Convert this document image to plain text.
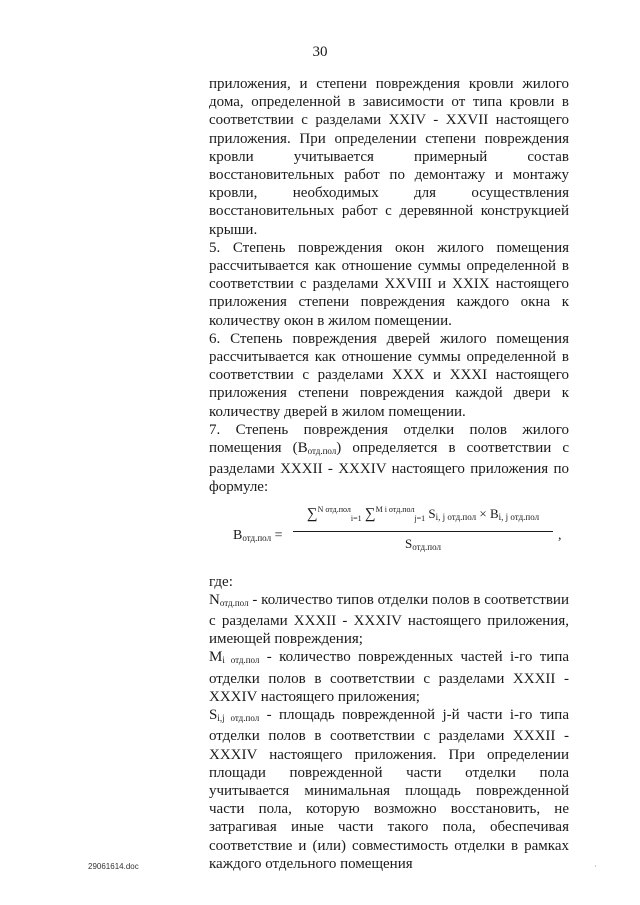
30

приложения, и степени повреждения кровли жилого дома, определенной в зависимости от типа кровли в соответствии с разделами XXIV - XXVII настоящего приложения. При определении степени повреждения кровли учитывается примерный состав восстановительных работ по демонтажу и монтажу кровли, необходимых для осуществления восстановительных работ с деревянной конструкцией крыши.

5. Степень повреждения окон жилого помещения рассчитывается как отношение суммы определенной в соответствии с разделами XXVIII и XXIX настоящего приложения степени повреждения каждого окна к количеству окон в жилом помещении.

6. Степень повреждения дверей жилого помещения рассчитывается как отношение суммы определенной в соответствии с разделами XXX и XXXI настоящего приложения степени повреждения каждой двери к количеству дверей в жилом помещении.

7. Степень повреждения отделки полов жилого помещения $(B_{отд.пол})$ определяется в соответствии с разделами XXXII - XXXIV настоящего приложения по формуле:

$B_{отд.пол}$ =
∑$^{N отд.пол}_{i=1}$ ∑$^{M i отд.пол}_{j=1}$ $S_{i, j отд.пол} \times B_{i, j отд.пол}$
$S_{отд.пол}$
,

где:

$N_{отд.пол}$ - количество типов отделки полов в соответствии с разделами XXXII - XXXIV настоящего приложения, имеющей повреждения;

$M_{i отд.пол}$ - количество поврежденных частей i-го типа отделки полов в соответствии с разделами XXXII - XXXIV настоящего приложения;

$S_{i,j отд.пол}$ - площадь поврежденной j-й части i-го типа отделки полов в соответствии с разделами XXXII - XXXIV настоящего приложения. При определении площади поврежденной части отделки пола учитывается минимальная площадь поврежденной части пола, которую возможно восстановить, не затрагивая иные части такого пола, обеспечивая соответствие и (или) совместимость отделки в рамках каждого отдельного помещения

29061614.doc	·
